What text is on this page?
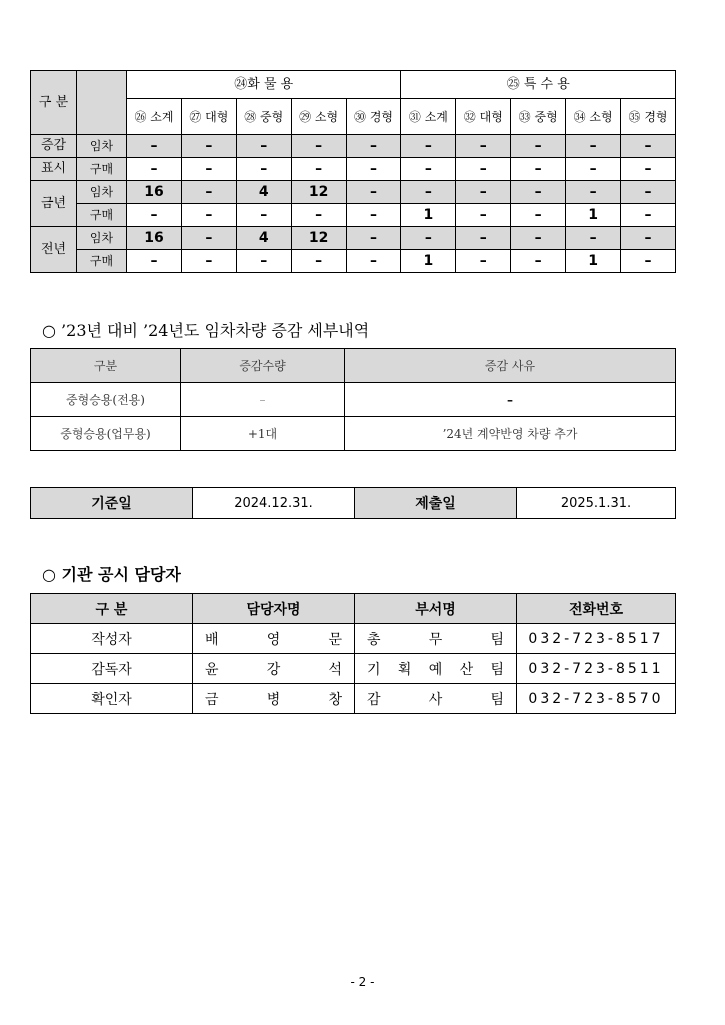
구 분		㉔화 물 용					㉕ 특 수 용				
		㉖ 소계	㉗ 대형	㉘ 중형	㉙ 소형	㉚ 경형	㉛ 소계	㉜ 대형	㉝ 중형	㉞ 소형	㉟ 경형
증감	임차	–	–	–	–	–	–	–	–	–	–
표시	구매	–	–	–	–	–	–	–	–	–	–
금년	임차	16	–	4	12	–	–	–	–	–	–
	구매	–	–	–	–	–	1	–	–	1	–
전년	임차	16	–	4	12	–	–	–	–	–	–
	구매	–	–	–	–	–	1	–	–	1	–
○ ’23년 대비 ’24년도 임차차량 증감 세부내역
구분	증감수량	증감 사유
중형승용(전용)	–	–
중형승용(업무용)	+1대	’24년 계약반영 차량 추가
기준일	2024.12.31.	제출일	2025.1.31.
○ 기관 공시 담당자
구 분	담당자명	부서명	전화번호
작성자	배 영 문	총 무 팀	032-723-8517
감독자	윤 강 석	기 획 예 산 팀	032-723-8511
확인자	금 병 창	감 사 팀	032-723-8570
- 2 -
